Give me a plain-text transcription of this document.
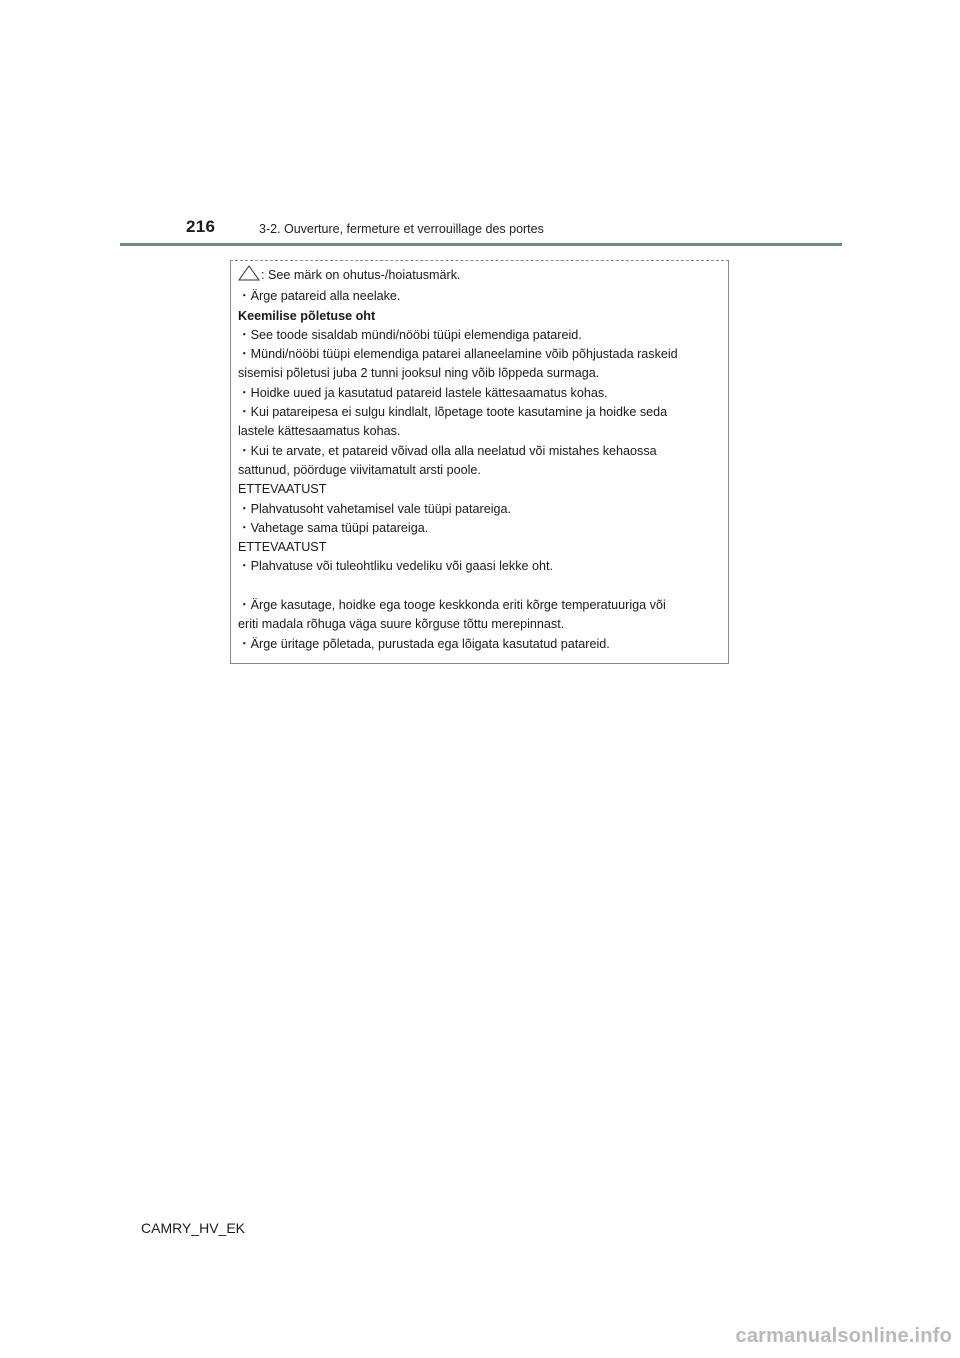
216	3-2. Ouverture, fermeture et verrouillage des portes
: See märk on ohutus-/hoiatusmärk.
・Ärge patareid alla neelake.
Keemilise põletuse oht
・See toode sisaldab mündi/nööbi tüüpi elemendiga patareid.
・Mündi/nööbi tüüpi elemendiga patarei allaneelamine võib põhjustada raskeid
sisemisi põletusi juba 2 tunni jooksul ning võib lõppeda surmaga.
・Hoidke uued ja kasutatud patareid lastele kättesaamatus kohas.
・Kui patareipesa ei sulgu kindlalt, lõpetage toote kasutamine ja hoidke seda
lastele kättesaamatus kohas.
・Kui te arvate, et patareid võivad olla alla neelatud või mistahes kehaossa
sattunud, pöörduge viivitamatult arsti poole.
ETTEVAATUST
・Plahvatusoht vahetamisel vale tüüpi patareiga.
・Vahetage sama tüüpi patareiga.
ETTEVAATUST
・Plahvatuse või tuleohtliku vedeliku või gaasi lekke oht.
・Ärge kasutage, hoidke ega tooge keskkonda eriti kõrge temperatuuriga või
eriti madala rõhuga väga suure kõrguse tõttu merepinnast.
・Ärge üritage põletada, purustada ega lõigata kasutatud patareid.
CAMRY_HV_EK
carmanualsonline.info
